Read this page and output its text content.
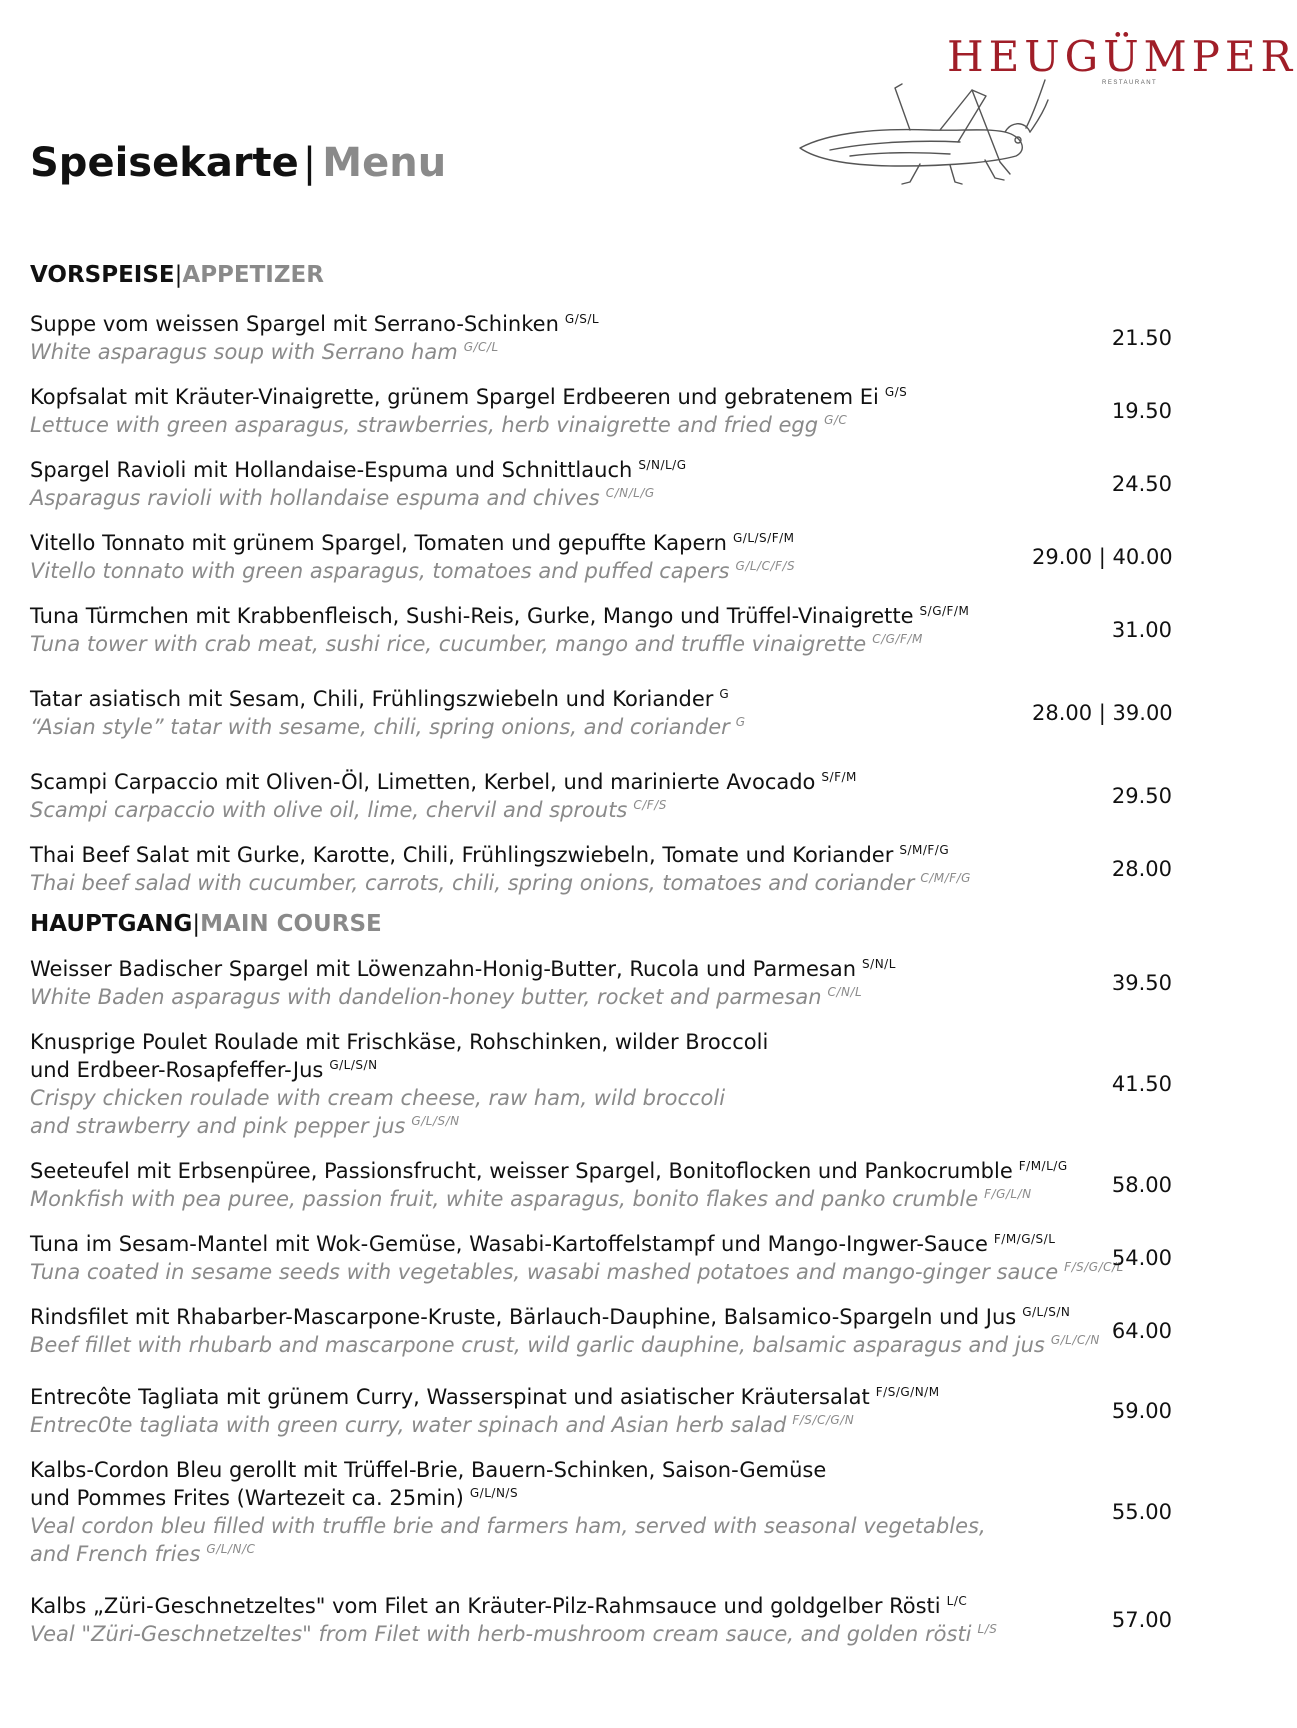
HEUGÜMPER
RESTAURANT
Speisekarte | Menu
VORSPEISE|APPETIZER
Suppe vom weissen Spargel mit Serrano-Schinken $^{G/S/L}$
White asparagus soup with Serrano ham $^{G/C/L}$	21.50
Kopfsalat mit Kräuter-Vinaigrette, grünem Spargel Erdbeeren und gebratenem Ei $^{G/S}$
Lettuce with green asparagus, strawberries, herb vinaigrette and fried egg $^{G/C}$	19.50
Spargel Ravioli mit Hollandaise-Espuma und Schnittlauch $^{S/N/L/G}$
Asparagus ravioli with hollandaise espuma and chives $^{C/N/L/G}$	24.50
Vitello Tonnato mit grünem Spargel, Tomaten und gepuffte Kapern $^{G/L/S/F/M}$
Vitello tonnato with green asparagus, tomatoes and puffed capers $^{G/L/C/F/S}$	29.00 | 40.00
Tuna Türmchen mit Krabbenfleisch, Sushi-Reis, Gurke, Mango und Trüffel-Vinaigrette $^{S/G/F/M}$
Tuna tower with crab meat, sushi rice, cucumber, mango and truffle vinaigrette $^{C/G/F/M}$	31.00
Tatar asiatisch mit Sesam, Chili, Frühlingszwiebeln und Koriander $^G$
“Asian style” tatar with sesame, chili, spring onions, and coriander $^G$	28.00 | 39.00
Scampi Carpaccio mit Oliven-Öl, Limetten, Kerbel, und marinierte Avocado $^{S/F/M}$
Scampi carpaccio with olive oil, lime, chervil and sprouts $^{C/F/S}$	29.50
Thai Beef Salat mit Gurke, Karotte, Chili, Frühlingszwiebeln, Tomate und Koriander $^{S/M/F/G}$
Thai beef salad with cucumber, carrots, chili, spring onions, tomatoes and coriander $^{C/M/F/G}$	28.00
HAUPTGANG|MAIN COURSE
Weisser Badischer Spargel mit Löwenzahn-Honig-Butter, Rucola und Parmesan $^{S/N/L}$
White Baden asparagus with dandelion-honey butter, rocket and parmesan $^{C/N/L}$	39.50
Knusprige Poulet Roulade mit Frischkäse, Rohschinken, wilder Broccoli
und Erdbeer-Rosapfeffer-Jus $^{G/L/S/N}$
Crispy chicken roulade with cream cheese, raw ham, wild broccoli
and strawberry and pink pepper jus $^{G/L/S/N}$
41.50
Seeteufel mit Erbsenpüree, Passionsfrucht, weisser Spargel, Bonitoflocken und Pankocrumble $^{F/M/L/G}$
Monkfish with pea puree, passion fruit, white asparagus, bonito flakes and panko crumble $^{F/G/L/N}$	58.00
Tuna im Sesam-Mantel mit Wok-Gemüse, Wasabi-Kartoffelstampf und Mango-Ingwer-Sauce $^{F/M/G/S/L}$
Tuna coated in sesame seeds with vegetables, wasabi mashed potatoes and mango-ginger sauce $^{F/S/G/C/L}$
54.00
Rindsfilet mit Rhabarber-Mascarpone-Kruste, Bärlauch-Dauphine, Balsamico-Spargeln und Jus $^{G/L/S/N}$
Beef fillet with rhubarb and mascarpone crust, wild garlic dauphine, balsamic asparagus and jus $^{G/L/C/N}$ 64.00
Entrecôte Tagliata mit grünem Curry, Wasserspinat und asiatischer Kräutersalat $^{F/S/G/N/M}$
Entrec0te tagliata with green curry, water spinach and Asian herb salad $^{F/S/C/G/N}$	59.00
Kalbs-Cordon Bleu gerollt mit Trüffel-Brie, Bauern-Schinken, Saison-Gemüse
und Pommes Frites (Wartezeit ca. 25min) $^{G/L/N/S}$
Veal cordon bleu filled with truffle brie and farmers ham, served with seasonal vegetables,
and French fries $^{G/L/N/C}$
55.00
Kalbs „Züri-Geschnetzeltes" vom Filet an Kräuter-Pilz-Rahmsauce und goldgelber Rösti $^{L/C}$
Veal "Züri-Geschnetzeltes" from Filet with herb-mushroom cream sauce, and golden rösti $^{L/S}$	57.00
